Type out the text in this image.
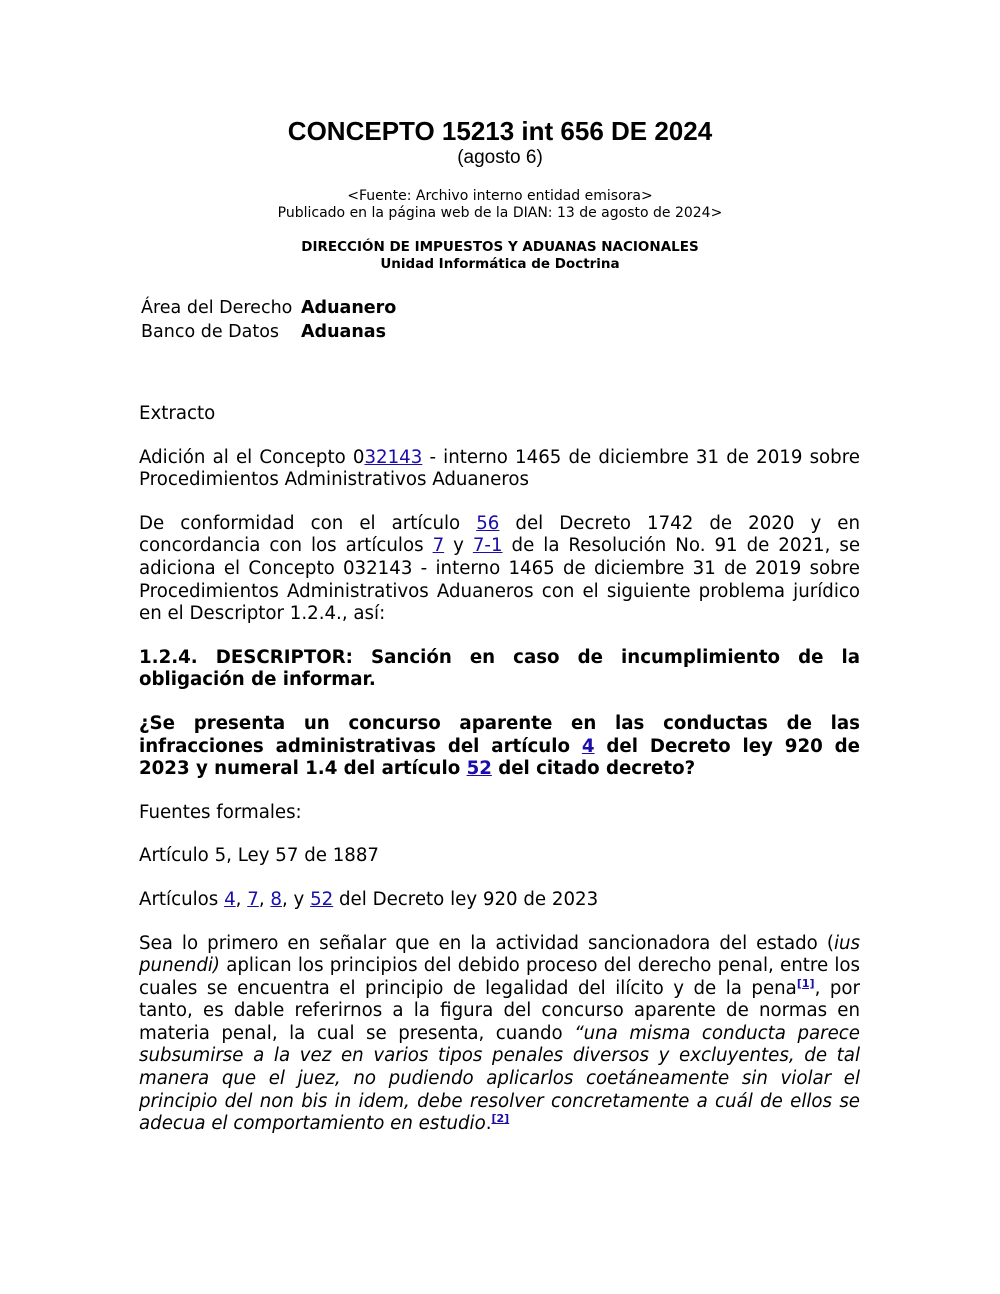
CONCEPTO 15213 int 656 DE 2024
(agosto 6)
<Fuente: Archivo interno entidad emisora>
Publicado en la página web de la DIAN: 13 de agosto de 2024>
DIRECCIÓN DE IMPUESTOS Y ADUANAS NACIONALES
Unidad Informática de Doctrina
Área del Derecho	Aduanero
Banco de Datos	Aduanas

Extracto

Adición al el Concepto 032143 - interno 1465 de diciembre 31 de 2019 sobre Procedimientos Administrativos Aduaneros

De conformidad con el artículo 56 del Decreto 1742 de 2020 y en concordancia con los artículos 7 y 7-1 de la Resolución No. 91 de 2021, se adiciona el Concepto 032143 - interno 1465 de diciembre 31 de 2019 sobre Procedimientos Administrativos Aduaneros con el siguiente problema jurídico en el Descriptor 1.2.4., así:

1.2.4. DESCRIPTOR: Sanción en caso de incumplimiento de la obligación de informar.

¿Se presenta un concurso aparente en las conductas de las infracciones administrativas del artículo 4 del Decreto ley 920 de 2023 y numeral 1.4 del artículo 52 del citado decreto?

Fuentes formales:

Artículo 5, Ley 57 de 1887

Artículos 4, 7, 8, y 52 del Decreto ley 920 de 2023

Sea lo primero en señalar que en la actividad sancionadora del estado (ius punendi) aplican los principios del debido proceso del derecho penal, entre los cuales se encuentra el principio de legalidad del ilícito y de la pena[1], por tanto, es dable referirnos a la figura del concurso aparente de normas en materia penal, la cual se presenta, cuando “una misma conducta parece subsumirse a la vez en varios tipos penales diversos y excluyentes, de tal manera que el juez, no pudiendo aplicarlos coetáneamente sin violar el principio del non bis in idem, debe resolver concretamente a cuál de ellos se adecua el comportamiento en estudio.[2]
